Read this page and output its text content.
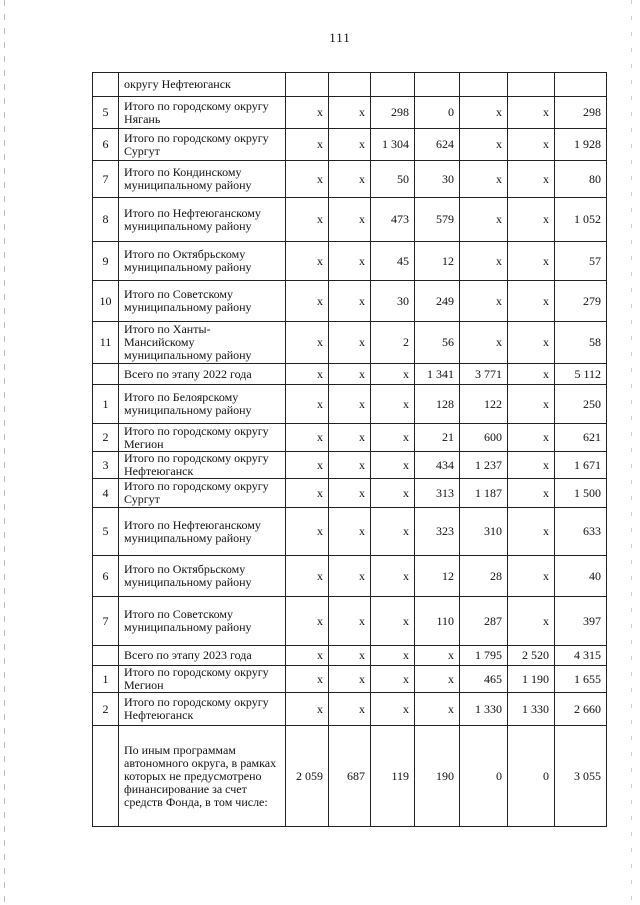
111
	округу Нефтеюганск							
5	Итого по городскому округу Нягань	х	х	298	0	х	х	298
6	Итого по городскому округу Сургут	х	х	1 304	624	х	х	1 928
7	Итого по Кондинскому муниципальному району	х	х	50	30	х	х	80
8	Итого по Нефтеюганскому муниципальному району	х	х	473	579	х	х	1 052
9	Итого по Октябрьскому муниципальному району	х	х	45	12	х	х	57
10	Итого по Советскому муниципальному району	х	х	30	249	х	х	279
11	Итого по Ханты-Мансийскому муниципальному району	х	х	2	56	х	х	58
	Всего по этапу 2022 года	х	х	х	1 341	3 771	х	5 112
1	Итого по Белоярскому муниципальному району	х	х	х	128	122	х	250
2	Итого по городскому округу Мегион	х	х	х	21	600	х	621
3	Итого по городскому округу Нефтеюганск	х	х	х	434	1 237	х	1 671
4	Итого по городскому округу Сургут	х	х	х	313	1 187	х	1 500
5	Итого по Нефтеюганскому муниципальному району	х	х	х	323	310	х	633
6	Итого по Октябрьскому муниципальному району	х	х	х	12	28	х	40
7	Итого по Советскому муниципальному району	х	х	х	110	287	х	397
	Всего по этапу 2023 года	х	х	х	х	1 795	2 520	4 315
1	Итого по городскому округу Мегион	х	х	х	х	465	1 190	1 655
2	Итого по городскому округу Нефтеюганск	х	х	х	х	1 330	1 330	2 660
	По иным программам автономного округа, в рамках которых не предусмотрено финансирование за счет средств Фонда, в том числе:	2 059	687	119	190	0	0	3 055
